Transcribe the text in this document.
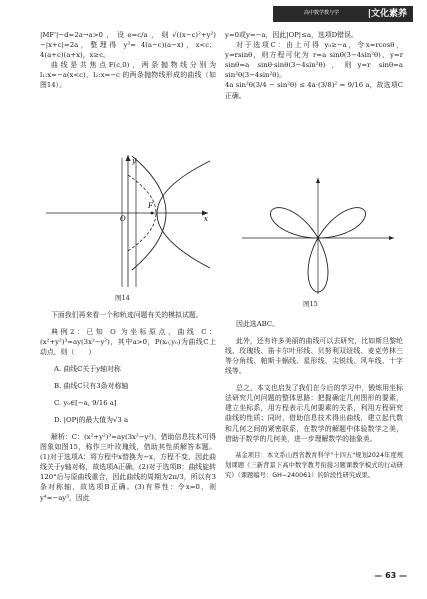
高中数学教与学	|文化素养

|MF'|−d=2a→a>0，设e=c/a，则√((x−c)²+y²)−|x+c|=2a，整理得 y²= 4(a−c)(a−x)，x<c； 4(a+c)(a+x)，x≥c。

曲线是共焦点F(c,0)，两条抛物线分别为 l₁:x=−a(x<c)，l₂:x=−c 的两条抛物线形成的曲线（如图14）。

y
O	x
F
图14

下面我们再来看一个和轨迹问题有关的模拟试题。

典例2：已知 O 为坐标原点，曲线 C：(x²+y²)³=ay(3x²−y²)，其中a>0，P(x₀,y₀)为曲线C上动点，则（　　）

A. 曲线C关于y轴对称

B. 曲线C只有3条对称轴

C. y₀∈[−a, 9/16 a]

D. |OP|的最大值为√3 a

解析：C：(x²+y²)³=ay(3x²−y²)，借助信息技术可得图象如图15，称作三叶玫瑰线，借助其性质解答本题。(1)对于选项A：将方程中x替换为−x，方程不变，因此曲线关于y轴对称，故选项A正确。(2)对于选项B：曲线旋转120°后与原曲线重合，因此曲线的周期为2π/3，所以有3条对称轴，故选项B正确。(3)有界性：令x=0，则y⁴=−ay³，因此

y=0或y=−a，因此|OP|≤a，选项D错误。

对于选项C：由上可得 y₀≥−a，令x=rcosθ，y=rsinθ，则方程可化为 r=a sinθ(3−4sin²θ)，y=r sinθ=a sinθ·sinθ(3−4sin²θ)，则y=r sinθ=a sin²θ(3−4sin²θ)。

4a sin²θ(3/4 − sin²θ) ≤ 4a·(3/8)² = 9/16 a，故选项C正确。

图15

因此选ABC。

此外，还有许多美丽的曲线可以去研究，比如斯旦黎纶线、玫瑰线、笛卡尔叶形线、贝努利双纽线、麦克劳林三等分角线、帕斯卡蜗线、星形线、尖锐线、风车线、十字线等。

总之，本文也启发了我们在今后的学习中，锻炼用坐标法研究几何问题的整体思路：把握确定几何图形的要素，建立坐标系，用方程表示几何要素的关系，利用方程研究曲线的性质；同时，借助信息技术得出曲线，建立起代数和几何之间的紧密联系，在数学的解题中体验数学之美，借助于数学的几何美，进一步理解数学的抽象美。

基金项目：本文系山西省教育科学"十四五"规划2024年度规划课题《三新背景下高中数学教考衔接习题课教学模式的行动研究》（课题编号：GH−240061）的阶段性研究成果。

— 63 —
